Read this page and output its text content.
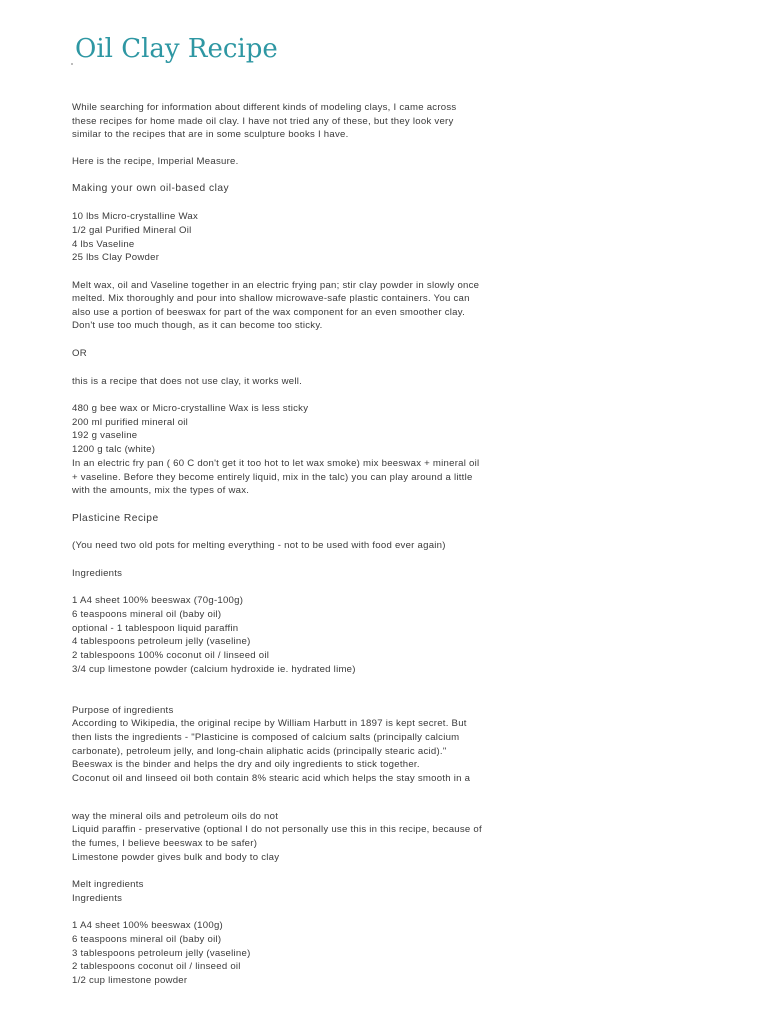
Oil Clay Recipe
While searching for information about different kinds of modeling clays, I came across
these recipes for home made oil clay. I have not tried any of these, but they look very
similar to the recipes that are in some sculpture books I have.
Here is the recipe, Imperial Measure.
Making your own oil-based clay
10 lbs Micro-crystalline Wax
1/2 gal Purified Mineral Oil
4 lbs Vaseline
25 lbs Clay Powder
Melt wax, oil and Vaseline together in an electric frying pan; stir clay powder in slowly once
melted. Mix thoroughly and pour into shallow microwave-safe plastic containers. You can
also use a portion of beeswax for part of the wax component for an even smoother clay.
Don't use too much though, as it can become too sticky.
OR
this is a recipe that does not use clay, it works well.
480 g bee wax or Micro-crystalline Wax is less sticky
200 ml purified mineral oil
192 g vaseline
1200 g talc (white)
In an electric fry pan ( 60 C don't get it too hot to let wax smoke) mix beeswax + mineral oil
+ vaseline. Before they become entirely liquid, mix in the talc) you can play around a little
with the amounts, mix the types of wax.
Plasticine Recipe
(You need two old pots for melting everything - not to be used with food ever again)
Ingredients
1 A4 sheet 100% beeswax (70g-100g)
6 teaspoons mineral oil (baby oil)
optional - 1 tablespoon liquid paraffin
4 tablespoons petroleum jelly (vaseline)
2 tablespoons 100% coconut oil / linseed oil
3/4 cup limestone powder (calcium hydroxide ie. hydrated lime)
Purpose of ingredients
According to Wikipedia, the original recipe by William Harbutt in 1897 is kept secret. But
then lists the ingredients - "Plasticine is composed of calcium salts (principally calcium
carbonate), petroleum jelly, and long-chain aliphatic acids (principally stearic acid)."
Beeswax is the binder and helps the dry and oily ingredients to stick together.
Coconut oil and linseed oil both contain 8% stearic acid which helps the stay smooth in a
way the mineral oils and petroleum oils do not
Liquid paraffin - preservative (optional I do not personally use this in this recipe, because of
the fumes, I believe beeswax to be safer)
Limestone powder gives bulk and body to clay
Melt ingredients
Ingredients
1 A4 sheet 100% beeswax (100g)
6 teaspoons mineral oil (baby oil)
3 tablespoons petroleum jelly (vaseline)
2 tablespoons coconut oil / linseed oil
1/2 cup limestone powder
